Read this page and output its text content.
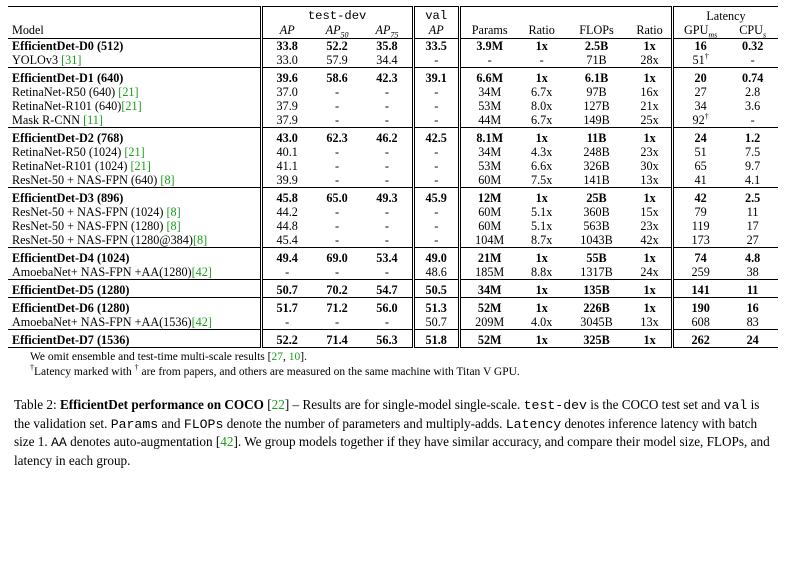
	test-dev			val					Latency	
Model	AP	$AP_{50}$	$AP_{75}$	AP	Params	Ratio	FLOPs	Ratio	$GPU_{ms}$	$CPU_s$
EfficientDet-D0 (512)	33.8	52.2	35.8	33.5	3.9M	1x	2.5B	1x	16	0.32
YOLOv3 [31]	33.0	57.9	34.4	-	-	-	71B	28x	51†	-
EfficientDet-D1 (640)	39.6	58.6	42.3	39.1	6.6M	1x	6.1B	1x	20	0.74
RetinaNet-R50 (640) [21]	37.0	-	-	-	34M	6.7x	97B	16x	27	2.8
RetinaNet-R101 (640)[21]	37.9	-	-	-	53M	8.0x	127B	21x	34	3.6
Mask R-CNN [11]	37.9	-	-	-	44M	6.7x	149B	25x	92†	-
EfficientDet-D2 (768)	43.0	62.3	46.2	42.5	8.1M	1x	11B	1x	24	1.2
RetinaNet-R50 (1024) [21]	40.1	-	-	-	34M	4.3x	248B	23x	51	7.5
RetinaNet-R101 (1024) [21]	41.1	-	-	-	53M	6.6x	326B	30x	65	9.7
ResNet-50 + NAS-FPN (640) [8]	39.9	-	-	-	60M	7.5x	141B	13x	41	4.1
EfficientDet-D3 (896)	45.8	65.0	49.3	45.9	12M	1x	25B	1x	42	2.5
ResNet-50 + NAS-FPN (1024) [8]	44.2	-	-	-	60M	5.1x	360B	15x	79	11
ResNet-50 + NAS-FPN (1280) [8]	44.8	-	-	-	60M	5.1x	563B	23x	119	17
ResNet-50 + NAS-FPN (1280@384)[8]	45.4	-	-	-	104M	8.7x	1043B	42x	173	27
EfficientDet-D4 (1024)	49.4	69.0	53.4	49.0	21M	1x	55B	1x	74	4.8
AmoebaNet+ NAS-FPN +AA(1280)[42]	-	-	-	48.6	185M	8.8x	1317B	24x	259	38
EfficientDet-D5 (1280)	50.7	70.2	54.7	50.5	34M	1x	135B	1x	141	11
EfficientDet-D6 (1280)	51.7	71.2	56.0	51.3	52M	1x	226B	1x	190	16
AmoebaNet+ NAS-FPN +AA(1536)[42]	-	-	-	50.7	209M	4.0x	3045B	13x	608	83
EfficientDet-D7 (1536)	52.2	71.4	56.3	51.8	52M	1x	325B	1x	262	24
We omit ensemble and test-time multi-scale results [27, 10].
†Latency marked with † are from papers, and others are measured on the same machine with Titan V GPU.
Table 2: EfficientDet performance on COCO [22] – Results are for single-model single-scale. test-dev is the COCO test set and val is the validation set. Params and FLOPs denote the number of parameters and multiply-adds. Latency denotes inference latency with batch size 1. AA denotes auto-augmentation [42]. We group models together if they have similar accuracy, and compare their model size, FLOPs, and latency in each group.
